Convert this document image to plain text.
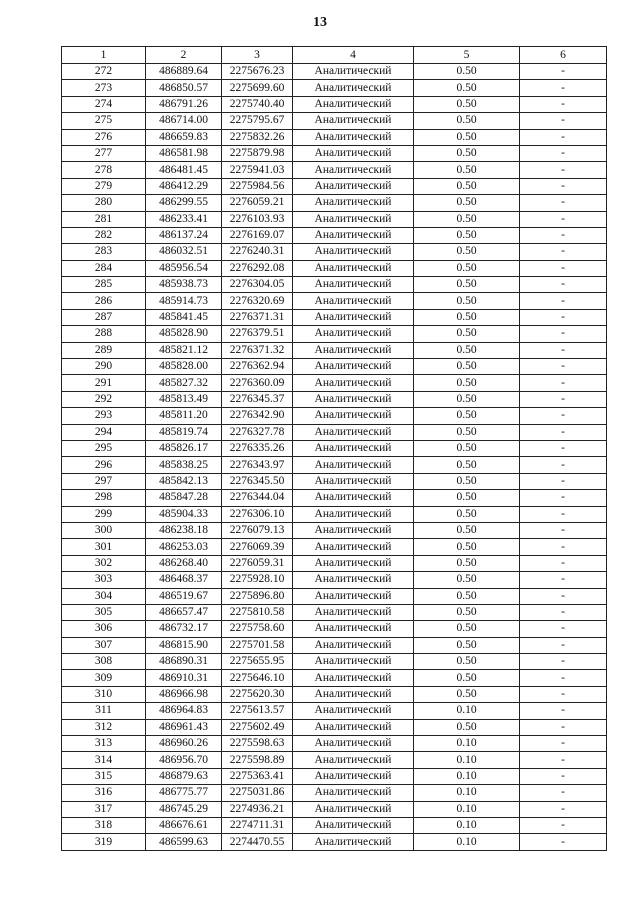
13
1	2	3	4	5	6
272	486889.64	2275676.23	Аналитический	0.50	-
273	486850.57	2275699.60	Аналитический	0.50	-
274	486791.26	2275740.40	Аналитический	0.50	-
275	486714.00	2275795.67	Аналитический	0.50	-
276	486659.83	2275832.26	Аналитический	0.50	-
277	486581.98	2275879.98	Аналитический	0.50	-
278	486481.45	2275941.03	Аналитический	0.50	-
279	486412.29	2275984.56	Аналитический	0.50	-
280	486299.55	2276059.21	Аналитический	0.50	-
281	486233.41	2276103.93	Аналитический	0.50	-
282	486137.24	2276169.07	Аналитический	0.50	-
283	486032.51	2276240.31	Аналитический	0.50	-
284	485956.54	2276292.08	Аналитический	0.50	-
285	485938.73	2276304.05	Аналитический	0.50	-
286	485914.73	2276320.69	Аналитический	0.50	-
287	485841.45	2276371.31	Аналитический	0.50	-
288	485828.90	2276379.51	Аналитический	0.50	-
289	485821.12	2276371.32	Аналитический	0.50	-
290	485828.00	2276362.94	Аналитический	0.50	-
291	485827.32	2276360.09	Аналитический	0.50	-
292	485813.49	2276345.37	Аналитический	0.50	-
293	485811.20	2276342.90	Аналитический	0.50	-
294	485819.74	2276327.78	Аналитический	0.50	-
295	485826.17	2276335.26	Аналитический	0.50	-
296	485838.25	2276343.97	Аналитический	0.50	-
297	485842.13	2276345.50	Аналитический	0.50	-
298	485847.28	2276344.04	Аналитический	0.50	-
299	485904.33	2276306.10	Аналитический	0.50	-
300	486238.18	2276079.13	Аналитический	0.50	-
301	486253.03	2276069.39	Аналитический	0.50	-
302	486268.40	2276059.31	Аналитический	0.50	-
303	486468.37	2275928.10	Аналитический	0.50	-
304	486519.67	2275896.80	Аналитический	0.50	-
305	486657.47	2275810.58	Аналитический	0.50	-
306	486732.17	2275758.60	Аналитический	0.50	-
307	486815.90	2275701.58	Аналитический	0.50	-
308	486890.31	2275655.95	Аналитический	0.50	-
309	486910.31	2275646.10	Аналитический	0.50	-
310	486966.98	2275620.30	Аналитический	0.50	-
311	486964.83	2275613.57	Аналитический	0.10	-
312	486961.43	2275602.49	Аналитический	0.50	-
313	486960.26	2275598.63	Аналитический	0.10	-
314	486956.70	2275598.89	Аналитический	0.10	-
315	486879.63	2275363.41	Аналитический	0.10	-
316	486775.77	2275031.86	Аналитический	0.10	-
317	486745.29	2274936.21	Аналитический	0.10	-
318	486676.61	2274711.31	Аналитический	0.10	-
319	486599.63	2274470.55	Аналитический	0.10	-
